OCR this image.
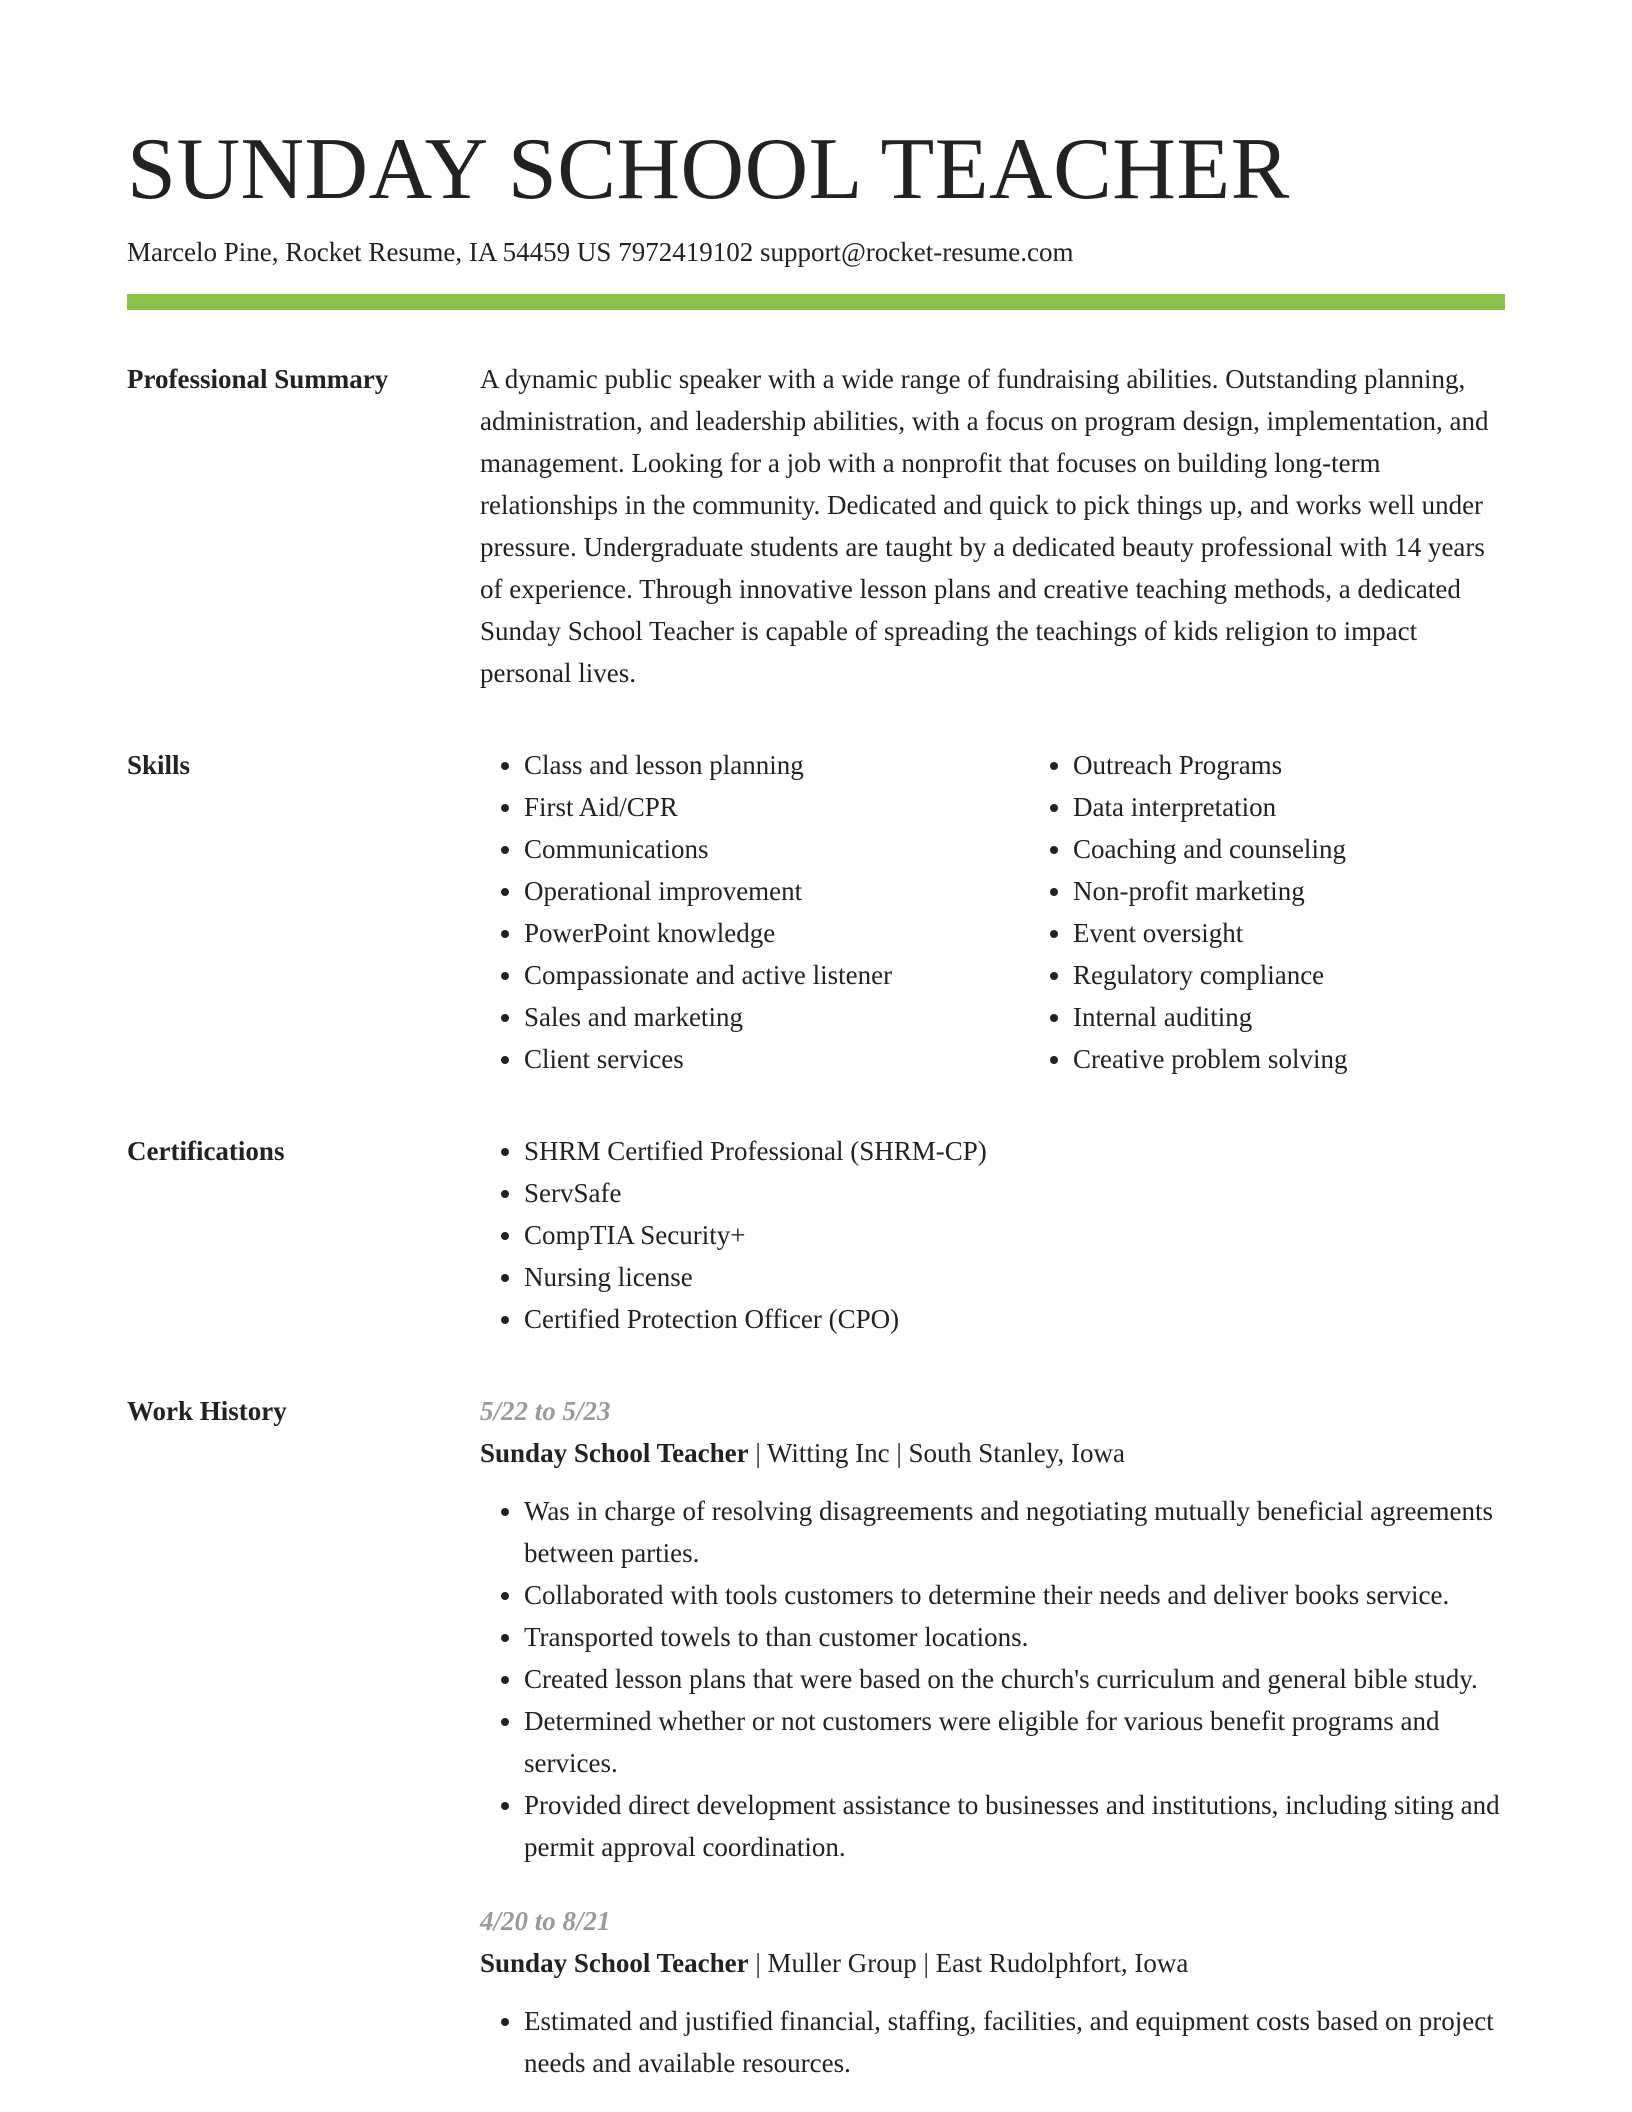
SUNDAY SCHOOL TEACHER
Marcelo Pine, Rocket Resume, IA 54459 US 7972419102 support@rocket-resume.com
Professional Summary	A dynamic public speaker with a wide range of fundraising abilities. Outstanding planning, administration, and leadership abilities, with a focus on program design, implementation, and management. Looking for a job with a nonprofit that focuses on building long-term relationships in the community. Dedicated and quick to pick things up, and works well under pressure. Undergraduate students are taught by a dedicated beauty professional with 14 years of experience. Through innovative lesson plans and creative teaching methods, a dedicated Sunday School Teacher is capable of spreading the teachings of kids religion to impact personal lives.

Skills	• Class and lesson planning
• First Aid/CPR
• Communications
• Operational improvement
• PowerPoint knowledge
• Compassionate and active listener
• Sales and marketing
• Client services
• Outreach Programs
• Data interpretation
• Coaching and counseling
• Non-profit marketing
• Event oversight
• Regulatory compliance
• Internal auditing
• Creative problem solving
Certifications	• SHRM Certified Professional (SHRM-CP)
• ServSafe
• CompTIA Security+
• Nursing license
• Certified Protection Officer (CPO)
Work History	5/22 to 5/23
Sunday School Teacher | Witting Inc | South Stanley, Iowa
• Was in charge of resolving disagreements and negotiating mutually beneficial agreements between parties.
• Collaborated with tools customers to determine their needs and deliver books service.
• Transported towels to than customer locations.
• Created lesson plans that were based on the church's curriculum and general bible study.
• Determined whether or not customers were eligible for various benefit programs and services.
• Provided direct development assistance to businesses and institutions, including siting and permit approval coordination.
4/20 to 8/21
Sunday School Teacher | Muller Group | East Rudolphfort, Iowa
• Estimated and justified financial, staffing, facilities, and equipment costs based on project needs and available resources.
